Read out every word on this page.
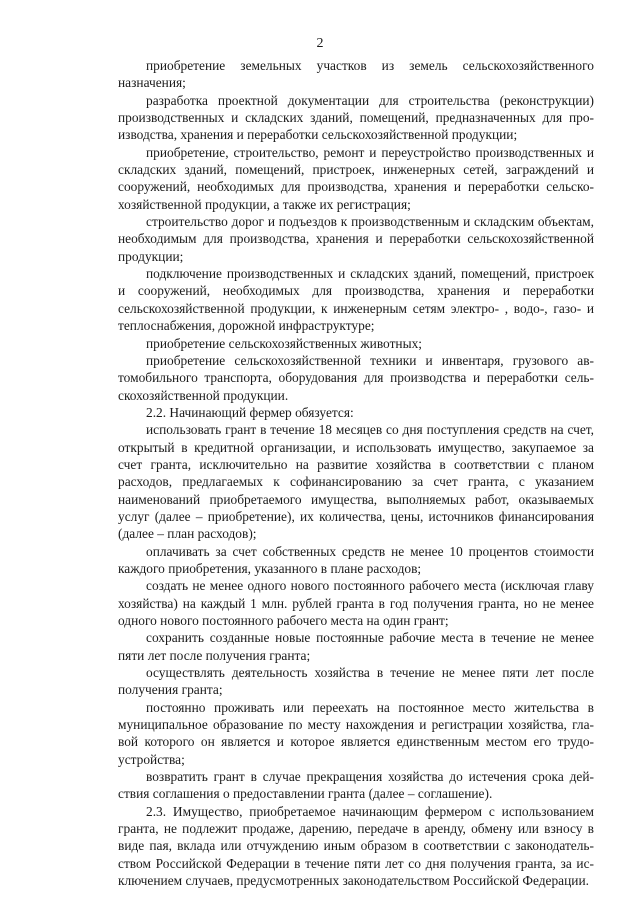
2

приобретение земельных участков из земель сельскохозяйственного назначения;

разработка проектной документации для строительства (реконструкции) производственных и складских зданий, помещений, предназначенных для производства, хранения и переработки сельскохозяйственной продукции;

приобретение, строительство, ремонт и переустройство производственных и складских зданий, помещений, пристроек, инженерных сетей, заграждений и сооружений, необходимых для производства, хранения и переработки сельскохозяйственной продукции, а также их регистрация;

строительство дорог и подъездов к производственным и складским объектам, необходимым для производства, хранения и переработки сельскохозяйственной продукции;

подключение производственных и складских зданий, помещений, пристроек и сооружений, необходимых для производства, хранения и переработки сельскохозяйственной продукции, к инженерным сетям электро- , водо-, газо- и теплоснабжения, дорожной инфраструктуре;

приобретение сельскохозяйственных животных;

приобретение сельскохозяйственной техники и инвентаря, грузового автомобильного транспорта, оборудования для производства и переработки сельскохозяйственной продукции.

2.2. Начинающий фермер обязуется:

использовать грант в течение 18 месяцев со дня поступления средств на счет, открытый в кредитной организации, и использовать имущество, закупаемое за счет гранта, исключительно на развитие хозяйства в соответствии с планом расходов, предлагаемых к софинансированию за счет гранта, с указанием наименований приобретаемого имущества, выполняемых работ, оказываемых услуг (далее – приобретение), их количества, цены, источников финансирования (далее – план расходов);

оплачивать за счет собственных средств не менее 10 процентов стоимости каждого приобретения, указанного в плане расходов;

создать не менее одного нового постоянного рабочего места (исключая главу хозяйства) на каждый 1 млн. рублей гранта в год получения гранта, но не менее одного нового постоянного рабочего места на один грант;

сохранить созданные новые постоянные рабочие места в течение не менее пяти лет после получения гранта;

осуществлять деятельность хозяйства в течение не менее пяти лет после получения гранта;

постоянно проживать или переехать на постоянное место жительства в муниципальное образование по месту нахождения и регистрации хозяйства, главой которого он является и которое является единственным местом его трудоустройства;

возвратить грант в случае прекращения хозяйства до истечения срока действия соглашения о предоставлении гранта (далее – соглашение).

2.3. Имущество, приобретаемое начинающим фермером с использованием гранта, не подлежит продаже, дарению, передаче в аренду, обмену или взносу в виде пая, вклада или отчуждению иным образом в соответствии с законодательством Российской Федерации в течение пяти лет со дня получения гранта, за исключением случаев, предусмотренных законодательством Российской Федерации.
